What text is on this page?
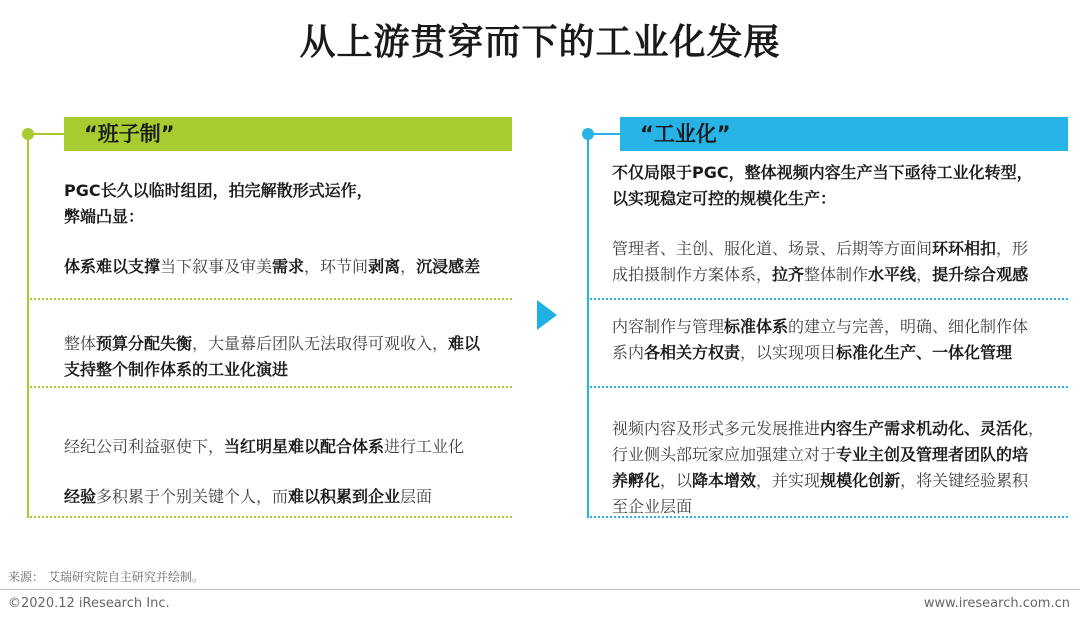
从上游贯穿而下的工业化发展
“班子制”
PGC长久以临时组团，拍完解散形式运作，
弊端凸显：
体系难以支撑当下叙事及审美需求，环节间剥离，沉浸感差
整体预算分配失衡，大量幕后团队无法取得可观收入，难以
支持整个制作体系的工业化演进
经纪公司利益驱使下，当红明星难以配合体系进行工业化
经验多积累于个别关键个人，而难以积累到企业层面
“工业化”
不仅局限于PGC，整体视频内容生产当下亟待工业化转型，
以实现稳定可控的规模化生产：
管理者、主创、服化道、场景、后期等方面间环环相扣，形
成拍摄制作方案体系，拉齐整体制作水平线，提升综合观感
内容制作与管理标准体系的建立与完善，明确、细化制作体
系内各相关方权责，以实现项目标准化生产、一体化管理
视频内容及形式多元发展推进内容生产需求机动化、灵活化，
行业侧头部玩家应加强建立对于专业主创及管理者团队的培
养孵化，以降本增效，并实现规模化创新，将关键经验累积
至企业层面
来源： 艾瑞研究院自主研究并绘制。
©2020.12 iResearch Inc.	www.iresearch.com.cn
